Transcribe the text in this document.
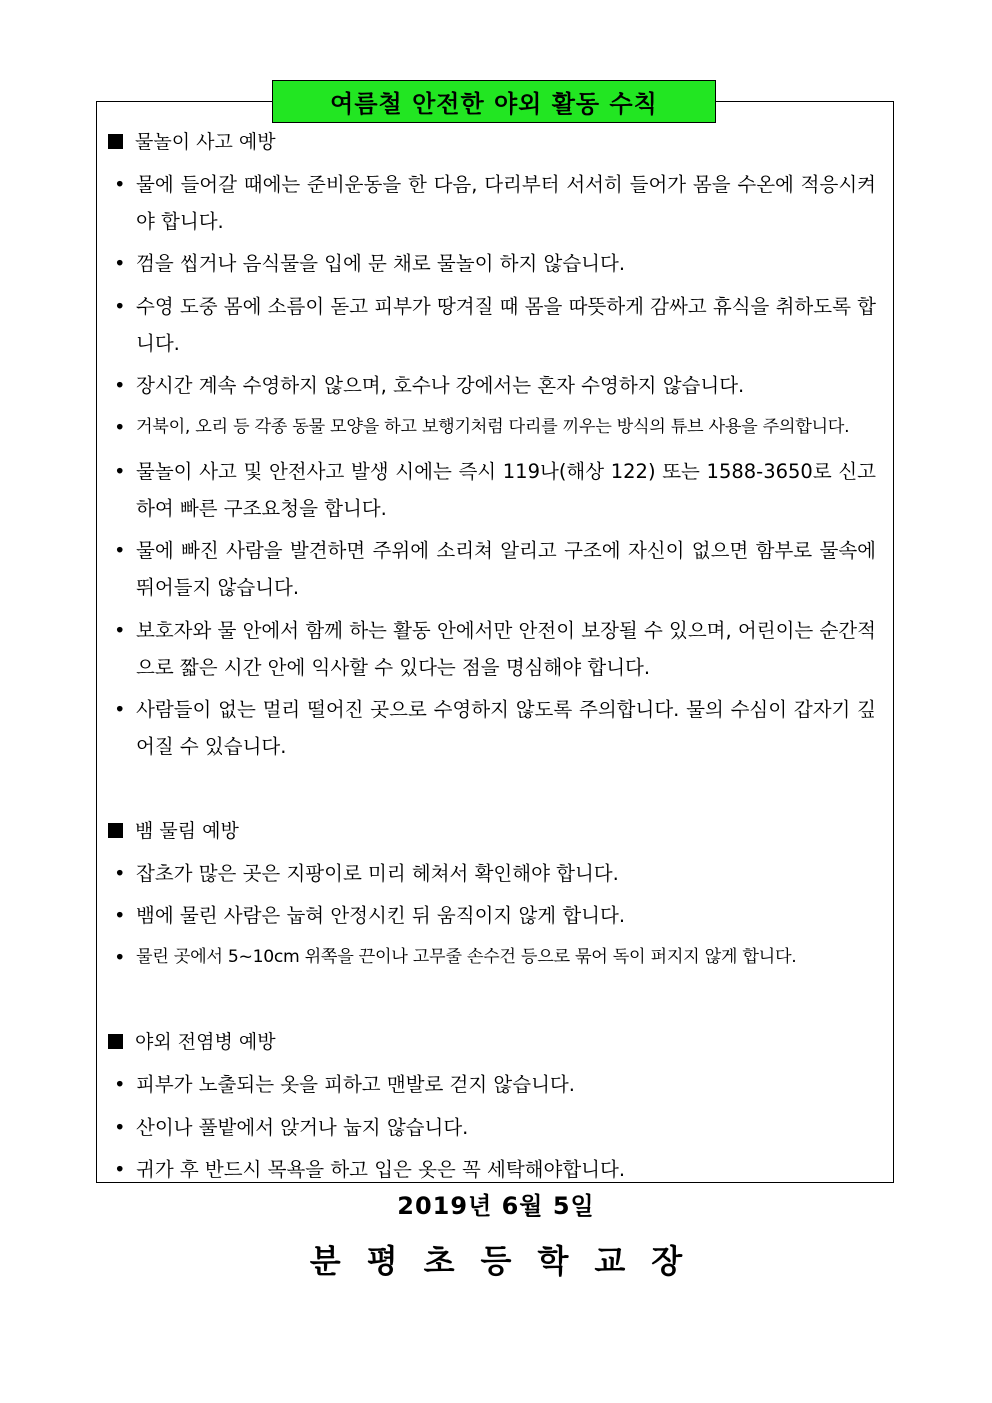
여름철 안전한 야외 활동 수칙
물놀이 사고 예방
• 물에 들어갈 때에는 준비운동을 한 다음, 다리부터 서서히 들어가 몸을 수온에 적응시켜야 합니다.
• 껌을 씹거나 음식물을 입에 문 채로 물놀이 하지 않습니다.
• 수영 도중 몸에 소름이 돋고 피부가 땅겨질 때 몸을 따뜻하게 감싸고 휴식을 취하도록 합니다.
• 장시간 계속 수영하지 않으며, 호수나 강에서는 혼자 수영하지 않습니다.
• 거북이, 오리 등 각종 동물 모양을 하고 보행기처럼 다리를 끼우는 방식의 튜브 사용을 주의합니다.
• 물놀이 사고 및 안전사고 발생 시에는 즉시 119나(해상 122) 또는 1588-3650로 신고하여 빠른 구조요청을 합니다.
• 물에 빠진 사람을 발견하면 주위에 소리쳐 알리고 구조에 자신이 없으면 함부로 물속에 뛰어들지 않습니다.
• 보호자와 물 안에서 함께 하는 활동 안에서만 안전이 보장될 수 있으며, 어린이는 순간적으로 짧은 시간 안에 익사할 수 있다는 점을 명심해야 합니다.
• 사람들이 없는 멀리 떨어진 곳으로 수영하지 않도록 주의합니다. 물의 수심이 갑자기 깊어질 수 있습니다.
뱀 물림 예방
• 잡초가 많은 곳은 지팡이로 미리 헤쳐서 확인해야 합니다.
• 뱀에 물린 사람은 눕혀 안정시킨 뒤 움직이지 않게 합니다.
• 물린 곳에서 5~10cm 위쪽을 끈이나 고무줄 손수건 등으로 묶어 독이 퍼지지 않게 합니다.
야외 전염병 예방
• 피부가 노출되는 옷을 피하고 맨발로 걷지 않습니다.
• 산이나 풀밭에서 앉거나 눕지 않습니다.
• 귀가 후 반드시 목욕을 하고 입은 옷은 꼭 세탁해야합니다.
2019년 6월 5일
분평초등학교장
